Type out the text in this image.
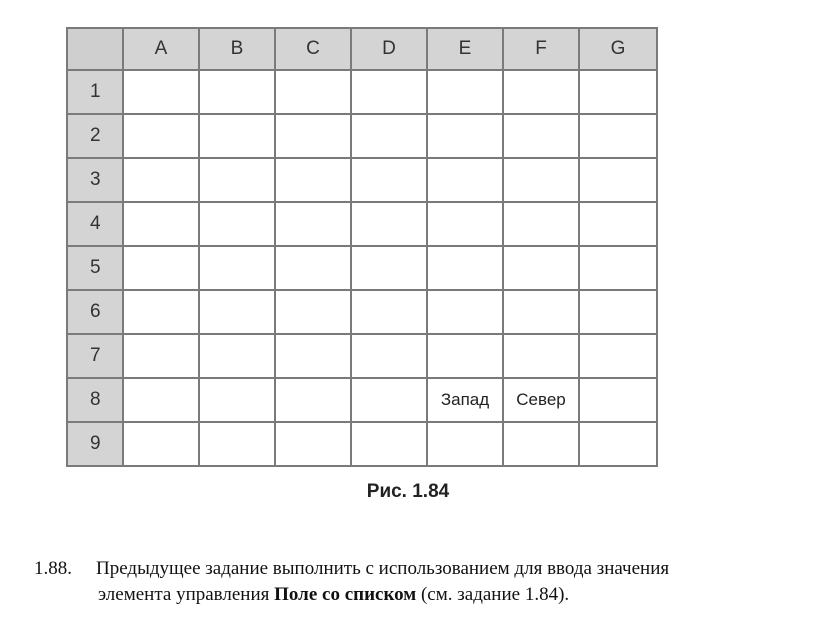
	A	B	C	D	E	F	G
1							
2							
3							
4							
5							
6							
7							
8					Запад	Север	
9							
Рис. 1.84
1.88. Предыдущее задание выполнить с использованием для ввода значения
элемента управления Поле со списком (см. задание 1.84).
